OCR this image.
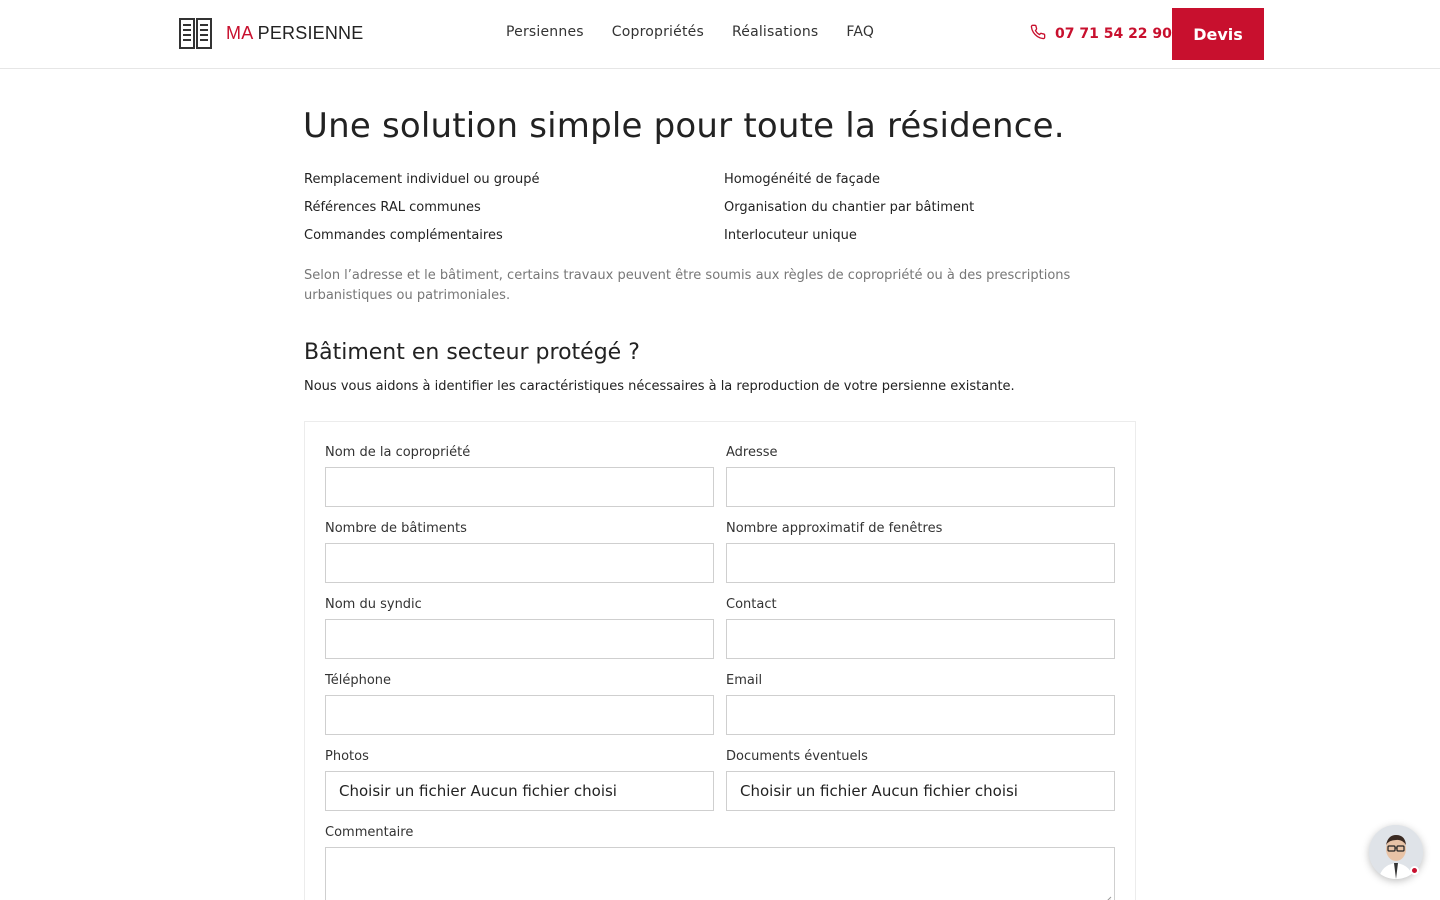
MA PERSIENNE	Persiennes Copropriétés Réalisations FAQ	07 71 54 22 90	Devis
Une solution simple pour toute la résidence.
Remplacement individuel ou groupé	Homogénéité de façade
Références RAL communes	Organisation du chantier par bâtiment
Commandes complémentaires	Interlocuteur unique

Selon l’adresse et le bâtiment, certains travaux peuvent être soumis aux règles de copropriété ou à des prescriptions urbanistiques ou patrimoniales.

Bâtiment en secteur protégé ?

Nous vous aidons à identifier les caractéristiques nécessaires à la reproduction de votre persienne existante.

Nom de la copropriété	Adresse
Nombre de bâtiments	Nombre approximatif de fenêtres
Nom du syndic	Contact
Téléphone	Email
Photos
Choisir un fichier Aucun fichier choisi
Documents éventuels
Choisir un fichier Aucun fichier choisi
Commentaire
